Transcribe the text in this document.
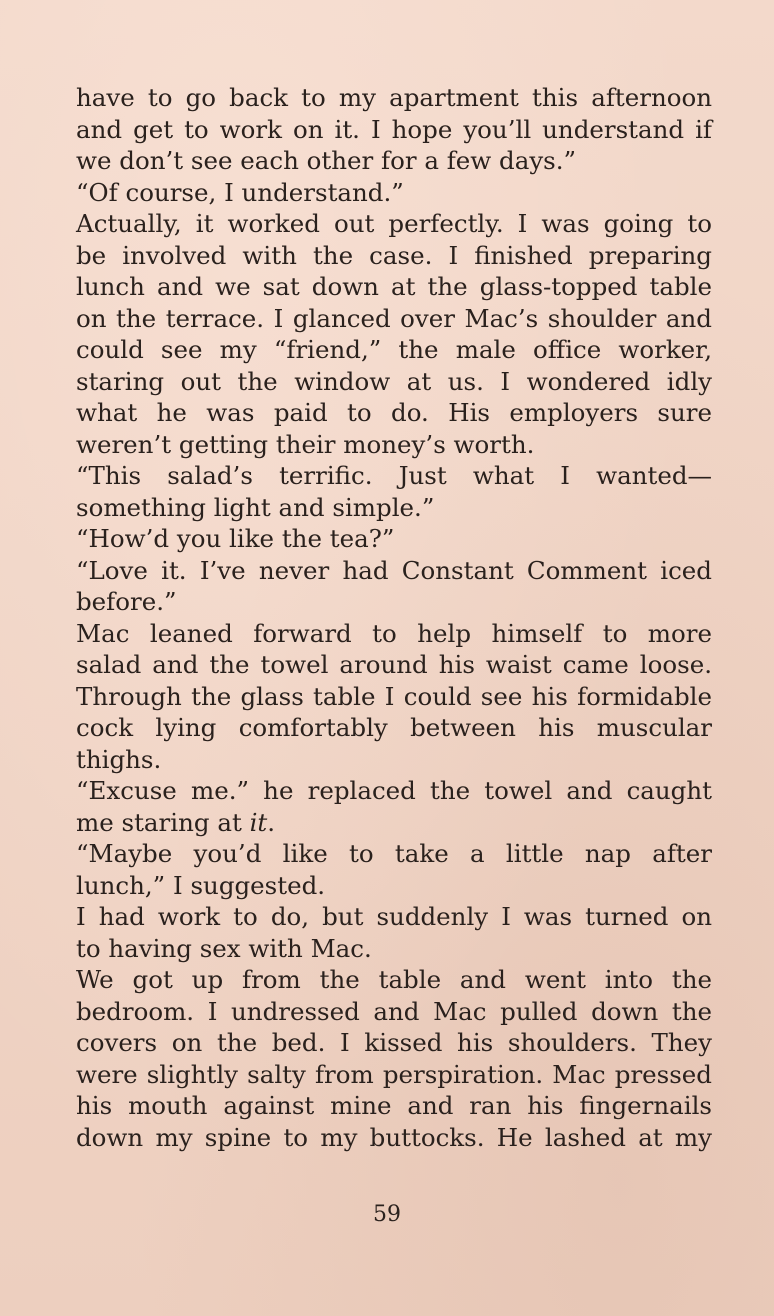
have to go back to my apartment this afternoon
and get to work on it. I hope you’ll understand if
we don’t see each other for a few days.”
“Of course, I understand.”
Actually, it worked out perfectly. I was going to
be involved with the case. I finished preparing
lunch and we sat down at the glass-topped table
on the terrace. I glanced over Mac’s shoulder and
could see my “friend,” the male office worker,
staring out the window at us. I wondered idly
what he was paid to do. His employers sure
weren’t getting their money’s worth.
“This salad’s terrific. Just what I wanted—
something light and simple.”
“How’d you like the tea?”
“Love it. I’ve never had Constant Comment iced
before.”
Mac leaned forward to help himself to more
salad and the towel around his waist came loose.
Through the glass table I could see his formidable
cock lying comfortably between his muscular
thighs.
“Excuse me.” he replaced the towel and caught
me staring at it.
“Maybe you’d like to take a little nap after
lunch,” I suggested.
I had work to do, but suddenly I was turned on
to having sex with Mac.
We got up from the table and went into the
bedroom. I undressed and Mac pulled down the
covers on the bed. I kissed his shoulders. They
were slightly salty from perspiration. Mac pressed
his mouth against mine and ran his fingernails
down my spine to my buttocks. He lashed at my
59
